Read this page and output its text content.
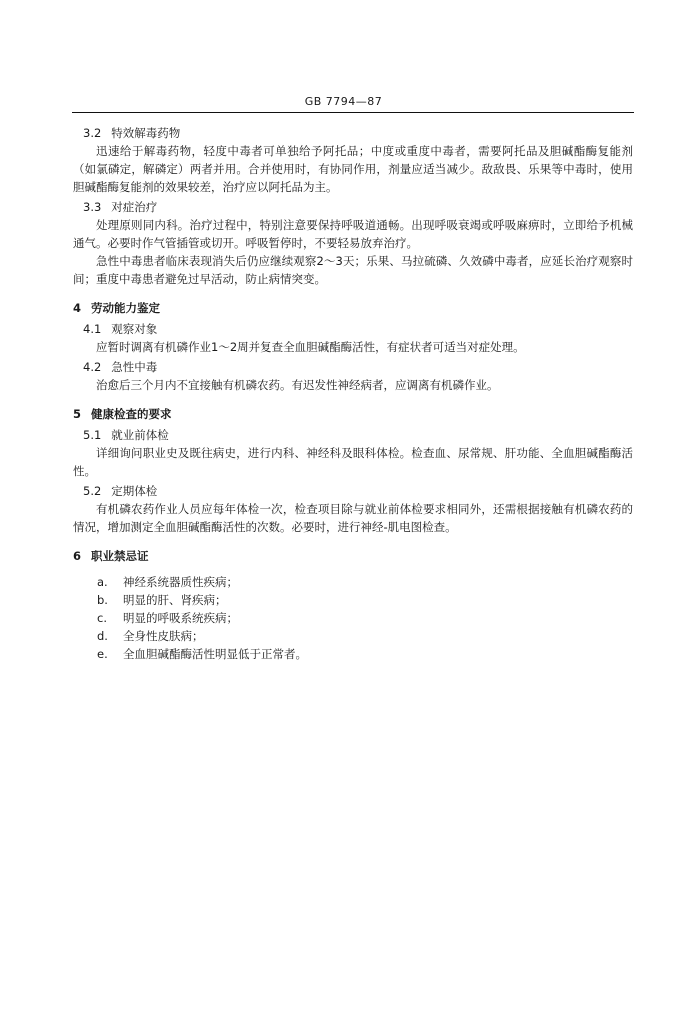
GB 7794—87
3.2 特效解毒药物

迅速给于解毒药物，轻度中毒者可单独给予阿托品；中度或重度中毒者，需要阿托品及胆碱酯酶复能剂（如氯磷定，解磷定）两者并用。合并使用时，有协同作用，剂量应适当减少。敌敌畏、乐果等中毒时，使用胆碱酯酶复能剂的效果较差，治疗应以阿托品为主。

3.3 对症治疗

处理原则同内科。治疗过程中，特别注意要保持呼吸道通畅。出现呼吸衰竭或呼吸麻痹时，立即给予机械通气。必要时作气管插管或切开。呼吸暂停时，不要轻易放弃治疗。

急性中毒患者临床表现消失后仍应继续观察2～3天；乐果、马拉硫磷、久效磷中毒者，应延长治疗观察时间；重度中毒患者避免过早活动，防止病情突变。

4 劳动能力鉴定
4.1 观察对象

应暂时调离有机磷作业1～2周并复查全血胆碱酯酶活性，有症状者可适当对症处理。

4.2 急性中毒

治愈后三个月内不宜接触有机磷农药。有迟发性神经病者，应调离有机磷作业。

5 健康检查的要求
5.1 就业前体检

详细询问职业史及既往病史，进行内科、神经科及眼科体检。检查血、尿常规、肝功能、全血胆碱酯酶活性。

5.2 定期体检

有机磷农药作业人员应每年体检一次，检查项目除与就业前体检要求相同外，还需根据接触有机磷农药的情况，增加测定全血胆碱酯酶活性的次数。必要时，进行神经-肌电图检查。

6 职业禁忌证
a. 神经系统器质性疾病；
b. 明显的肝、肾疾病；
c.	明显的呼吸系统疾病；
d. 全身性皮肤病；
e. 全血胆碱酯酶活性明显低于正常者。
